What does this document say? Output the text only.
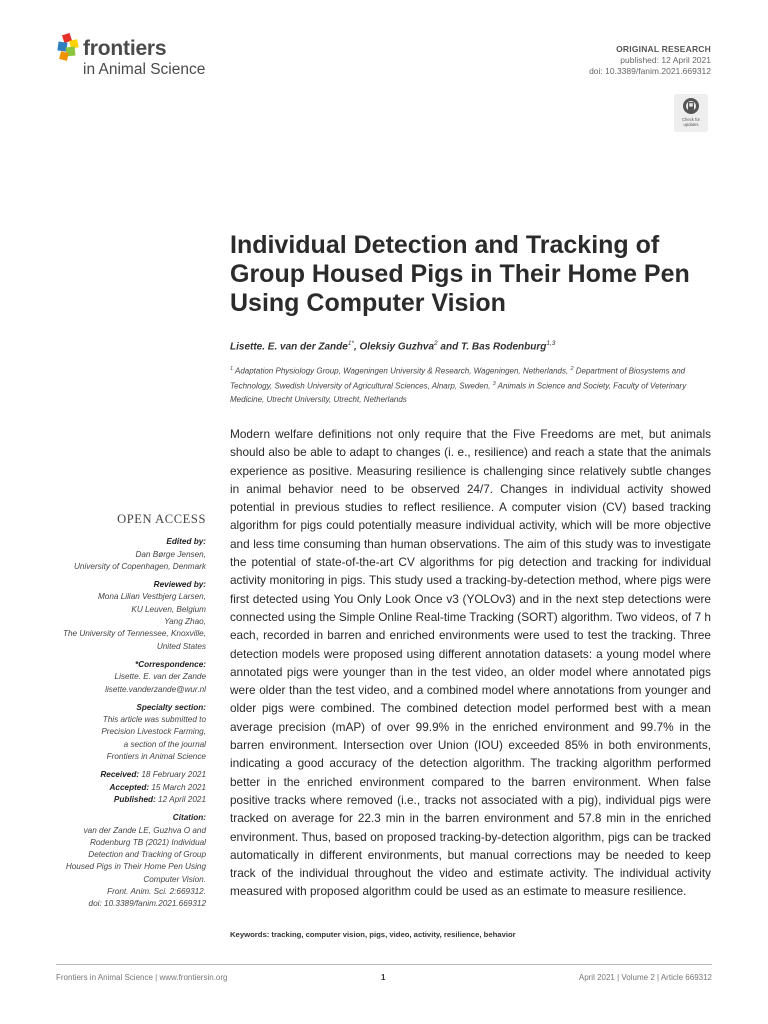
frontiers
in Animal Science
ORIGINAL RESEARCH
published: 12 April 2021
doi: 10.3389/fanim.2021.669312
Check for
updates
Individual Detection and Tracking of Group Housed Pigs in Their Home Pen Using Computer Vision
Lisette. E. van der Zande$^{1*}$, Oleksiy Guzhva$^2$ and T. Bas Rodenburg$^{1,3}$
$^1$ Adaptation Physiology Group, Wageningen University & Research, Wageningen, Netherlands, $^2$ Department of Biosystems and Technology, Swedish University of Agricultural Sciences, Alnarp, Sweden, $^3$ Animals in Science and Society, Faculty of Veterinary Medicine, Utrecht University, Utrecht, Netherlands
OPEN ACCESS
Edited by:
Dan Børge Jensen,
University of Copenhagen, Denmark
Reviewed by:
Mona Lilian Vestbjerg Larsen,
KU Leuven, Belgium
Yang Zhao,
The University of Tennessee, Knoxville,
United States
*Correspondence:
Lisette. E. van der Zande
lisette.vanderzande@wur.nl
Specialty section:
This article was submitted to
Precision Livestock Farming,
a section of the journal
Frontiers in Animal Science
Received: 18 February 2021
Accepted: 15 March 2021
Published: 12 April 2021
Citation:
van der Zande LE, Guzhva O and
Rodenburg TB (2021) Individual
Detection and Tracking of Group
Housed Pigs in Their Home Pen Using
Computer Vision.
Front. Anim. Sci. 2:669312.
doi: 10.3389/fanim.2021.669312

Modern welfare definitions not only require that the Five Freedoms are met, but animals should also be able to adapt to changes (i. e., resilience) and reach a state that the animals experience as positive. Measuring resilience is challenging since relatively subtle changes in animal behavior need to be observed 24/7. Changes in individual activity showed potential in previous studies to reflect resilience. A computer vision (CV) based tracking algorithm for pigs could potentially measure individual activity, which will be more objective and less time consuming than human observations. The aim of this study was to investigate the potential of state-of-the-art CV algorithms for pig detection and tracking for individual activity monitoring in pigs. This study used a tracking-by-detection method, where pigs were first detected using You Only Look Once v3 (YOLOv3) and in the next step detections were connected using the Simple Online Real-time Tracking (SORT) algorithm. Two videos, of 7 h each, recorded in barren and enriched environments were used to test the tracking. Three detection models were proposed using different annotation datasets: a young model where annotated pigs were younger than in the test video, an older model where annotated pigs were older than the test video, and a combined model where annotations from younger and older pigs were combined. The combined detection model performed best with a mean average precision (mAP) of over 99.9% in the enriched environment and 99.7% in the barren environment. Intersection over Union (IOU) exceeded 85% in both environments, indicating a good accuracy of the detection algorithm. The tracking algorithm performed better in the enriched environment compared to the barren environment. When false positive tracks where removed (i.e., tracks not associated with a pig), individual pigs were tracked on average for 22.3 min in the barren environment and 57.8 min in the enriched environment. Thus, based on proposed tracking-by-detection algorithm, pigs can be tracked automatically in different environments, but manual corrections may be needed to keep track of the individual throughout the video and estimate activity. The individual activity measured with proposed algorithm could be used as an estimate to measure resilience.

Keywords: tracking, computer vision, pigs, video, activity, resilience, behavior
Frontiers in Animal Science | www.frontiersin.org	1	April 2021 | Volume 2 | Article 669312
